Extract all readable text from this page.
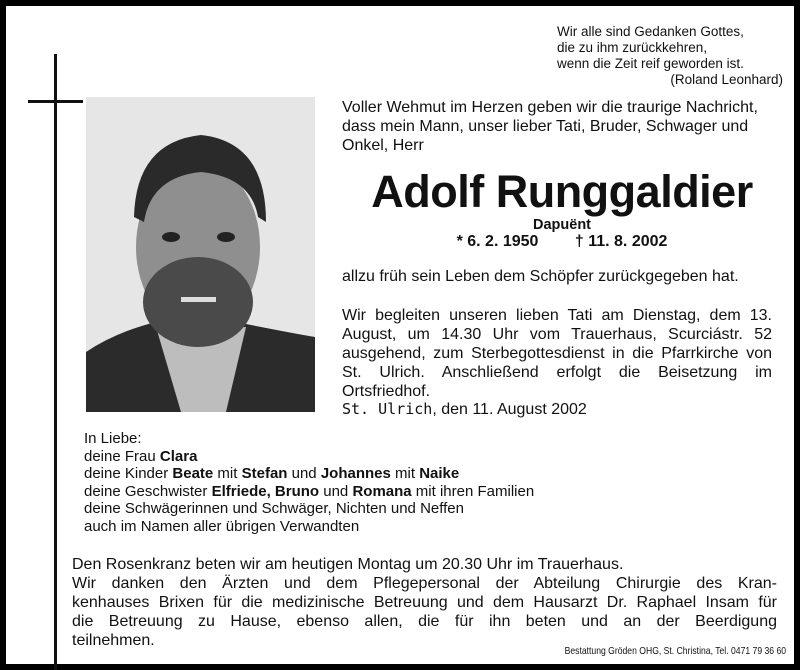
Wir alle sind Gedanken Gottes,
die zu ihm zurückkehren,
wenn die Zeit reif geworden ist.
(Roland Leonhard)
Voller Wehmut im Herzen geben wir die traurige Nachricht, dass mein Mann, unser lieber Tati, Bruder, Schwager und Onkel, Herr
Adolf Runggaldier
Dapuënt
* 6. 2. 1950 † 11. 8. 2002
allzu früh sein Leben dem Schöpfer zurückgegeben hat.
Wir begleiten unseren lieben Tati am Dienstag, dem 13. August, um 14.30 Uhr vom Trauerhaus, Scurciástr. 52 ausgehend, zum Sterbegottesdienst in die Pfarrkirche von St. Ulrich. Anschließend erfolgt die Beisetzung im Ortsfriedhof.
St. Ulrich, den 11. August 2002
In Liebe:
deine Frau Clara
deine Kinder Beate mit Stefan und Johannes mit Naike
deine Geschwister Elfriede, Bruno und Romana mit ihren Familien
deine Schwägerinnen und Schwäger, Nichten und Neffen
auch im Namen aller übrigen Verwandten
Den Rosenkranz beten wir am heutigen Montag um 20.30 Uhr im Trauerhaus.
Wir danken den Ärzten und dem Pflegepersonal der Abteilung Chirurgie des Kran-
kenhauses Brixen für die medizinische Betreuung und dem Hausarzt Dr. Raphael Insam für
die Betreuung zu Hause, ebenso allen, die für ihn beten und an der Beerdigung
teilnehmen.
Bestattung Gröden OHG, St. Christina, Tel. 0471 79 36 60
